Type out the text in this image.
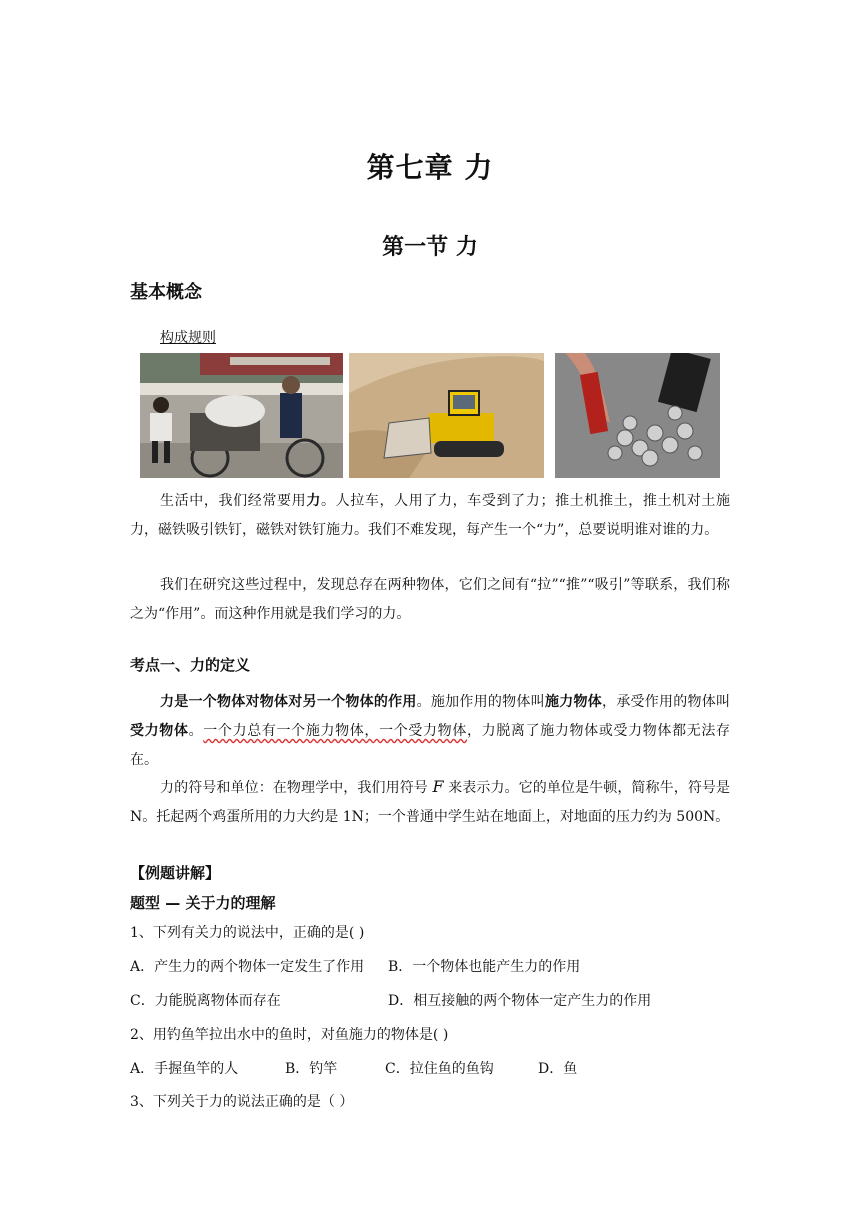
第七章 力
第一节 力
基本概念
构成规则

生活中，我们经常要用力。人拉车，人用了力，车受到了力；推土机推土，推土机对土施力，磁铁吸引铁钉，磁铁对铁钉施力。我们不难发现，每产生一个“力”，总要说明谁对谁的力。

我们在研究这些过程中，发现总存在两种物体，它们之间有“拉”“推”“吸引”等联系，我们称之为“作用”。而这种作用就是我们学习的力。

考点一、力的定义

力是一个物体对物体对另一个物体的作用。施加作用的物体叫施力物体，承受作用的物体叫受力物体。一个力总有一个施力物体，一个受力物体，力脱离了施力物体或受力物体都无法存在。

力的符号和单位：在物理学中，我们用符号 F 来表示力。它的单位是牛顿，简称牛，符号是 N。托起两个鸡蛋所用的力大约是 1N；一个普通中学生站在地面上，对地面的压力约为 500N。

【例题讲解】
题型 — 关于力的理解
1、下列有关力的说法中，正确的是( )
A．产生力的两个物体一定发生了作用 B．一个物体也能产生力的作用
C．力能脱离物体而存在	D．相互接触的两个物体一定产生力的作用
2、用钓鱼竿拉出水中的鱼时，对鱼施力的物体是( )
A．手握鱼竿的人	B．钓竿	C．拉住鱼的鱼钩	D．鱼
3、下列关于力的说法正确的是（ ）
